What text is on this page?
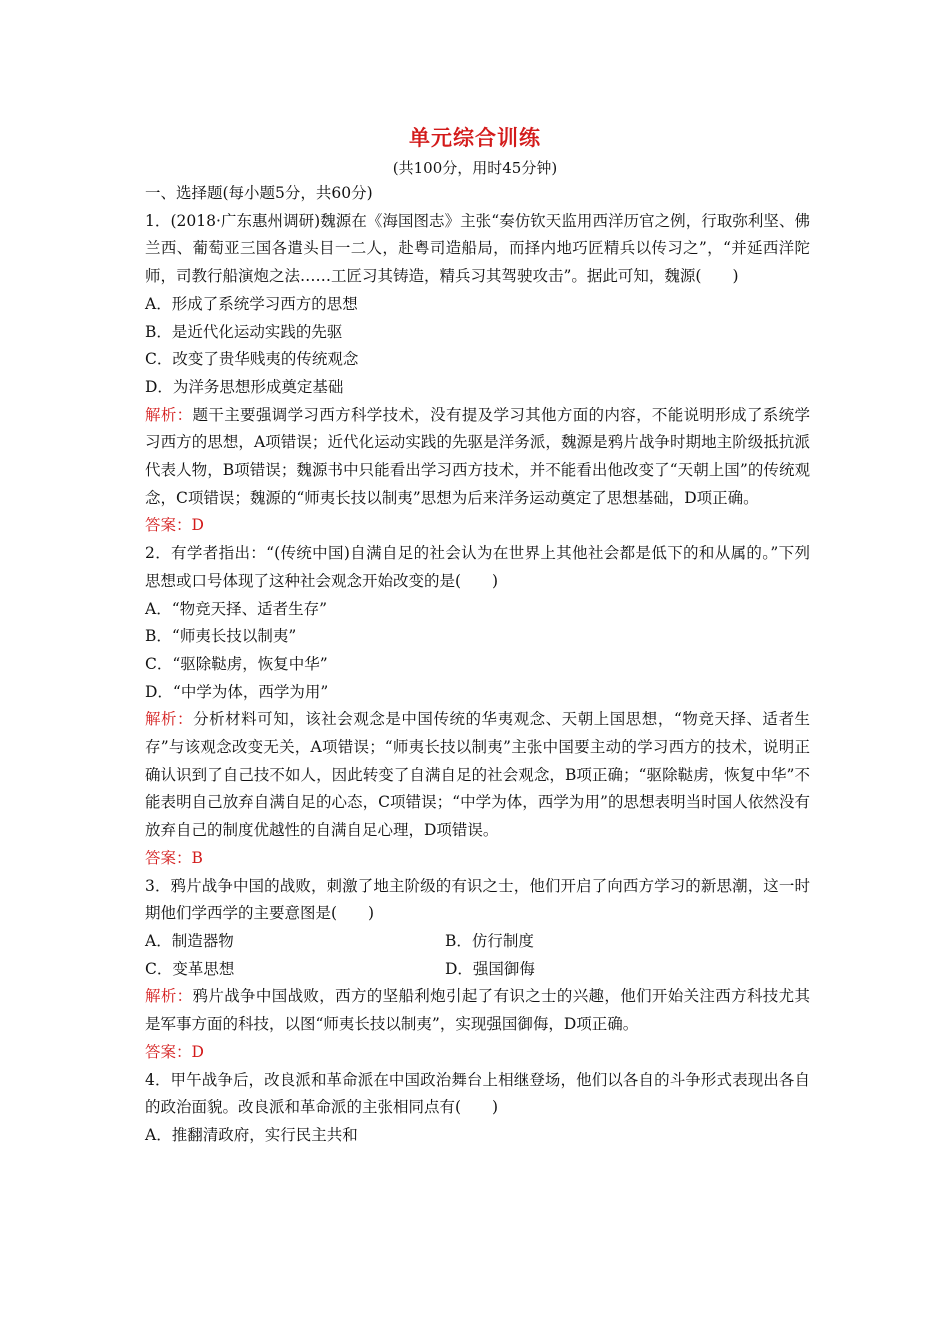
单元综合训练
(共100分，用时45分钟)

一、选择题(每小题5分，共60分)

1．(2018·广东惠州调研)魏源在《海国图志》主张“奏仿钦天监用西洋历官之例，行取弥利坚、佛兰西、葡萄亚三国各遣头目一二人，赴粤司造船局，而择内地巧匠精兵以传习之”，“并延西洋陀师，司教行船演炮之法……工匠习其铸造，精兵习其驾驶攻击”。据此可知，魏源(　　)

A．形成了系统学习西方的思想

B．是近代化运动实践的先驱

C．改变了贵华贱夷的传统观念

D．为洋务思想形成奠定基础

解析：题干主要强调学习西方科学技术，没有提及学习其他方面的内容，不能说明形成了系统学习西方的思想，A项错误；近代化运动实践的先驱是洋务派，魏源是鸦片战争时期地主阶级抵抗派代表人物，B项错误；魏源书中只能看出学习西方技术，并不能看出他改变了“天朝上国”的传统观念，C项错误；魏源的“师夷长技以制夷”思想为后来洋务运动奠定了思想基础，D项正确。

答案：D

2．有学者指出：“(传统中国)自满自足的社会认为在世界上其他社会都是低下的和从属的。”下列思想或口号体现了这种社会观念开始改变的是(　　)

A．“物竞天择、适者生存”

B．“师夷长技以制夷”

C．“驱除鞑虏，恢复中华”

D．“中学为体，西学为用”

解析：分析材料可知，该社会观念是中国传统的华夷观念、天朝上国思想，“物竞天择、适者生存”与该观念改变无关，A项错误；“师夷长技以制夷”主张中国要主动的学习西方的技术，说明正确认识到了自己技不如人，因此转变了自满自足的社会观念，B项正确；“驱除鞑虏，恢复中华”不能表明自己放弃自满自足的心态，C项错误；“中学为体，西学为用”的思想表明当时国人依然没有放弃自己的制度优越性的自满自足心理，D项错误。

答案：B

3．鸦片战争中国的战败，刺激了地主阶级的有识之士，他们开启了向西方学习的新思潮，这一时期他们学西学的主要意图是(　　)

A．制造器物	B．仿行制度

C．变革思想	D．强国御侮

解析：鸦片战争中国战败，西方的坚船利炮引起了有识之士的兴趣，他们开始关注西方科技尤其是军事方面的科技，以图“师夷长技以制夷”，实现强国御侮，D项正确。

答案：D

4．甲午战争后，改良派和革命派在中国政治舞台上相继登场，他们以各自的斗争形式表现出各自的政治面貌。改良派和革命派的主张相同点有(　　)

A．推翻清政府，实行民主共和
